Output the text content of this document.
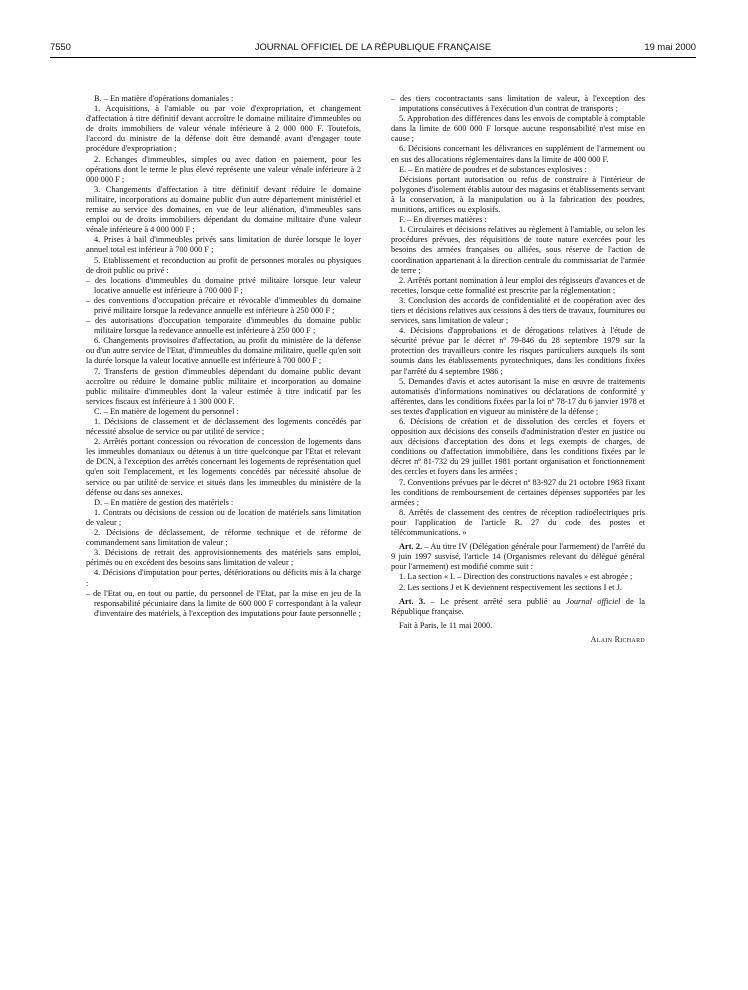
7550	JOURNAL OFFICIEL DE LA RÉPUBLIQUE FRANÇAISE	19 mai 2000

B. – En matière d'opérations domaniales :

1. Acquisitions, à l'amiable ou par voie d'expropriation, et changement d'affectation à titre définitif devant accroître le domaine militaire d'immeubles ou de droits immobiliers de valeur vénale inférieure à 2 000 000 F. Toutefois, l'accord du ministre de la défense doit être demandé avant d'engager toute procédure d'expropriation ;

2. Echanges d'immeubles, simples ou avec dation en paiement, pour les opérations dont le terme le plus élevé représente une valeur vénale inférieure à 2 000 000 F ;

3. Changements d'affectation à titre définitif devant réduire le domaine militaire, incorporations au domaine public d'un autre département ministériel et remise au service des domaines, en vue de leur aliénation, d'immeubles sans emploi ou de droits immobiliers dépendant du domaine militaire d'une valeur vénale inférieure à 4 000 000 F ;

4. Prises à bail d'immeubles privés sans limitation de durée lorsque le loyer annuel total est inférieur à 700 000 F ;

5. Etablissement et reconduction au profit de personnes morales ou physiques de droit public ou privé :

– des locations d'immeubles du domaine privé militaire lorsque leur valeur locative annuelle est inférieure à 700 000 F ;
– des conventions d'occupation précaire et révocable d'immeubles du domaine privé militaire lorsque la redevance annuelle est inférieure à 250 000 F ;
– des autorisations d'occupation temporaire d'immeubles du domaine public militaire lorsque la redevance annuelle est inférieure à 250 000 F ;

6. Changements provisoires d'affectation, au profit du ministère de la défense ou d'un autre service de l'Etat, d'immeubles du domaine militaire, quelle qu'en soit la durée lorsque la valeur locative annuelle est inférieure à 700 000 F ;

7. Transferts de gestion d'immeubles dépendant du domaine public devant accroître ou réduire le domaine public militaire et incorporation au domaine public militaire d'immeubles dont la valeur estimée à titre indicatif par les services fiscaux est inférieure à 1 300 000 F.

C. – En matière de logement du personnel :

1. Décisions de classement et de déclassement des logements concédés par nécessité absolue de service ou par utilité de service ;

2. Arrêtés portant concession ou révocation de concession de logements dans les immeubles domaniaux ou détenus à un titre quelconque par l'Etat et relevant de DCN, à l'exception des arrêtés concernant les logements de représentation quel qu'en soit l'emplacement, et les logements concédés par nécessité absolue de service ou par utilité de service et situés dans les immeubles du ministère de la défense ou dans ses annexes.

D. – En matière de gestion des matériels :

1. Contrats ou décisions de cession ou de location de matériels sans limitation de valeur ;

2. Décisions de déclassement, de réforme technique et de réforme de commandement sans limitation de valeur ;

3. Décisions de retrait des approvisionnements des matériels sans emploi, périmés ou en excédent des besoins sans limitation de valeur ;

4. Décisions d'imputation pour pertes, détériorations ou déficits mis à la charge :

– de l'Etat ou, en tout ou partie, du personnel de l'Etat, par la mise en jeu de la responsabilité pécuniaire dans la limite de 600 000 F correspondant à la valeur d'inventaire des matériels, à l'exception des imputations pour faute personnelle ;
– des tiers cocontractants sans limitation de valeur, à l'exception des imputations consécutives à l'exécution d'un contrat de transports ;

5. Approbation des différences dans les envois de comptable à comptable dans la limite de 600 000 F lorsque aucune responsabilité n'est mise en cause ;

6. Décisions concernant les délivrances en supplément de l'armement ou en sus des allocations réglementaires dans la limite de 400 000 F.

E. – En matière de poudres et de substances explosives :

Décisions portant autorisation ou refus de construire à l'intérieur de polygones d'isolement établis autour des magasins et établissements servant à la conservation, à la manipulation ou à la fabrication des poudres, munitions, artifices ou explosifs.

F. – En diverses matières :

1. Circulaires et décisions relatives au règlement à l'amiable, ou selon les procédures prévues, des réquisitions de toute nature exercées pour les besoins des armées françaises ou alliées, sous réserve de l'action de coordination appartenant à la direction centrale du commissariat de l'armée de terre ;

2. Arrêtés portant nomination à leur emploi des régisseurs d'avances et de recettes, lorsque cette formalité est prescrite par la réglementation ;

3. Conclusion des accords de confidentialité et de coopération avec des tiers et décisions relatives aux cessions à des tiers de travaux, fournitures ou services, sans limitation de valeur ;

4. Décisions d'approbations et de dérogations relatives à l'étude de sécurité prévue par le décret nº 79-846 du 28 septembre 1979 sur la protection des travailleurs contre les risques particuliers auxquels ils sont soumis dans les établissements pyrotechniques, dans les conditions fixées par l'arrêté du 4 septembre 1986 ;

5. Demandes d'avis et actes autorisant la mise en œuvre de traitements automatisés d'informations nominatives ou déclarations de conformité y afférentes, dans les conditions fixées par la loi nº 78-17 du 6 janvier 1978 et ses textes d'application en vigueur au ministère de la défense ;

6. Décisions de création et de dissolution des cercles et foyers et opposition aux décisions des conseils d'administration d'ester en justice ou aux décisions d'acceptation des dons et legs exempts de charges, de conditions ou d'affectation immobilière, dans les conditions fixées par le décret nº 81-732 du 29 juillet 1981 portant organisation et fonctionnement des cercles et foyers dans les armées ;

7. Conventions prévues par le décret nº 83-927 du 21 octobre 1983 fixant les conditions de remboursement de certaines dépenses supportées par les armées ;

8. Arrêtés de classement des centres de réception radioélectriques pris pour l'application de l'article R. 27 du code des postes et télécommunications. »

Art. 2. – Au titre IV (Délégation générale pour l'armement) de l'arrêté du 9 juin 1997 susvisé, l'article 14 (Organismes relevant du délégué général pour l'armement) est modifié comme suit :

1. La section « I. – Direction des constructions navales » est abrogée ;

2. Les sections J et K deviennent respectivement les sections I et J.

Art. 3. – Le présent arrêté sera publié au Journal officiel de la République française.

Fait à Paris, le 11 mai 2000.

Alain Richard
